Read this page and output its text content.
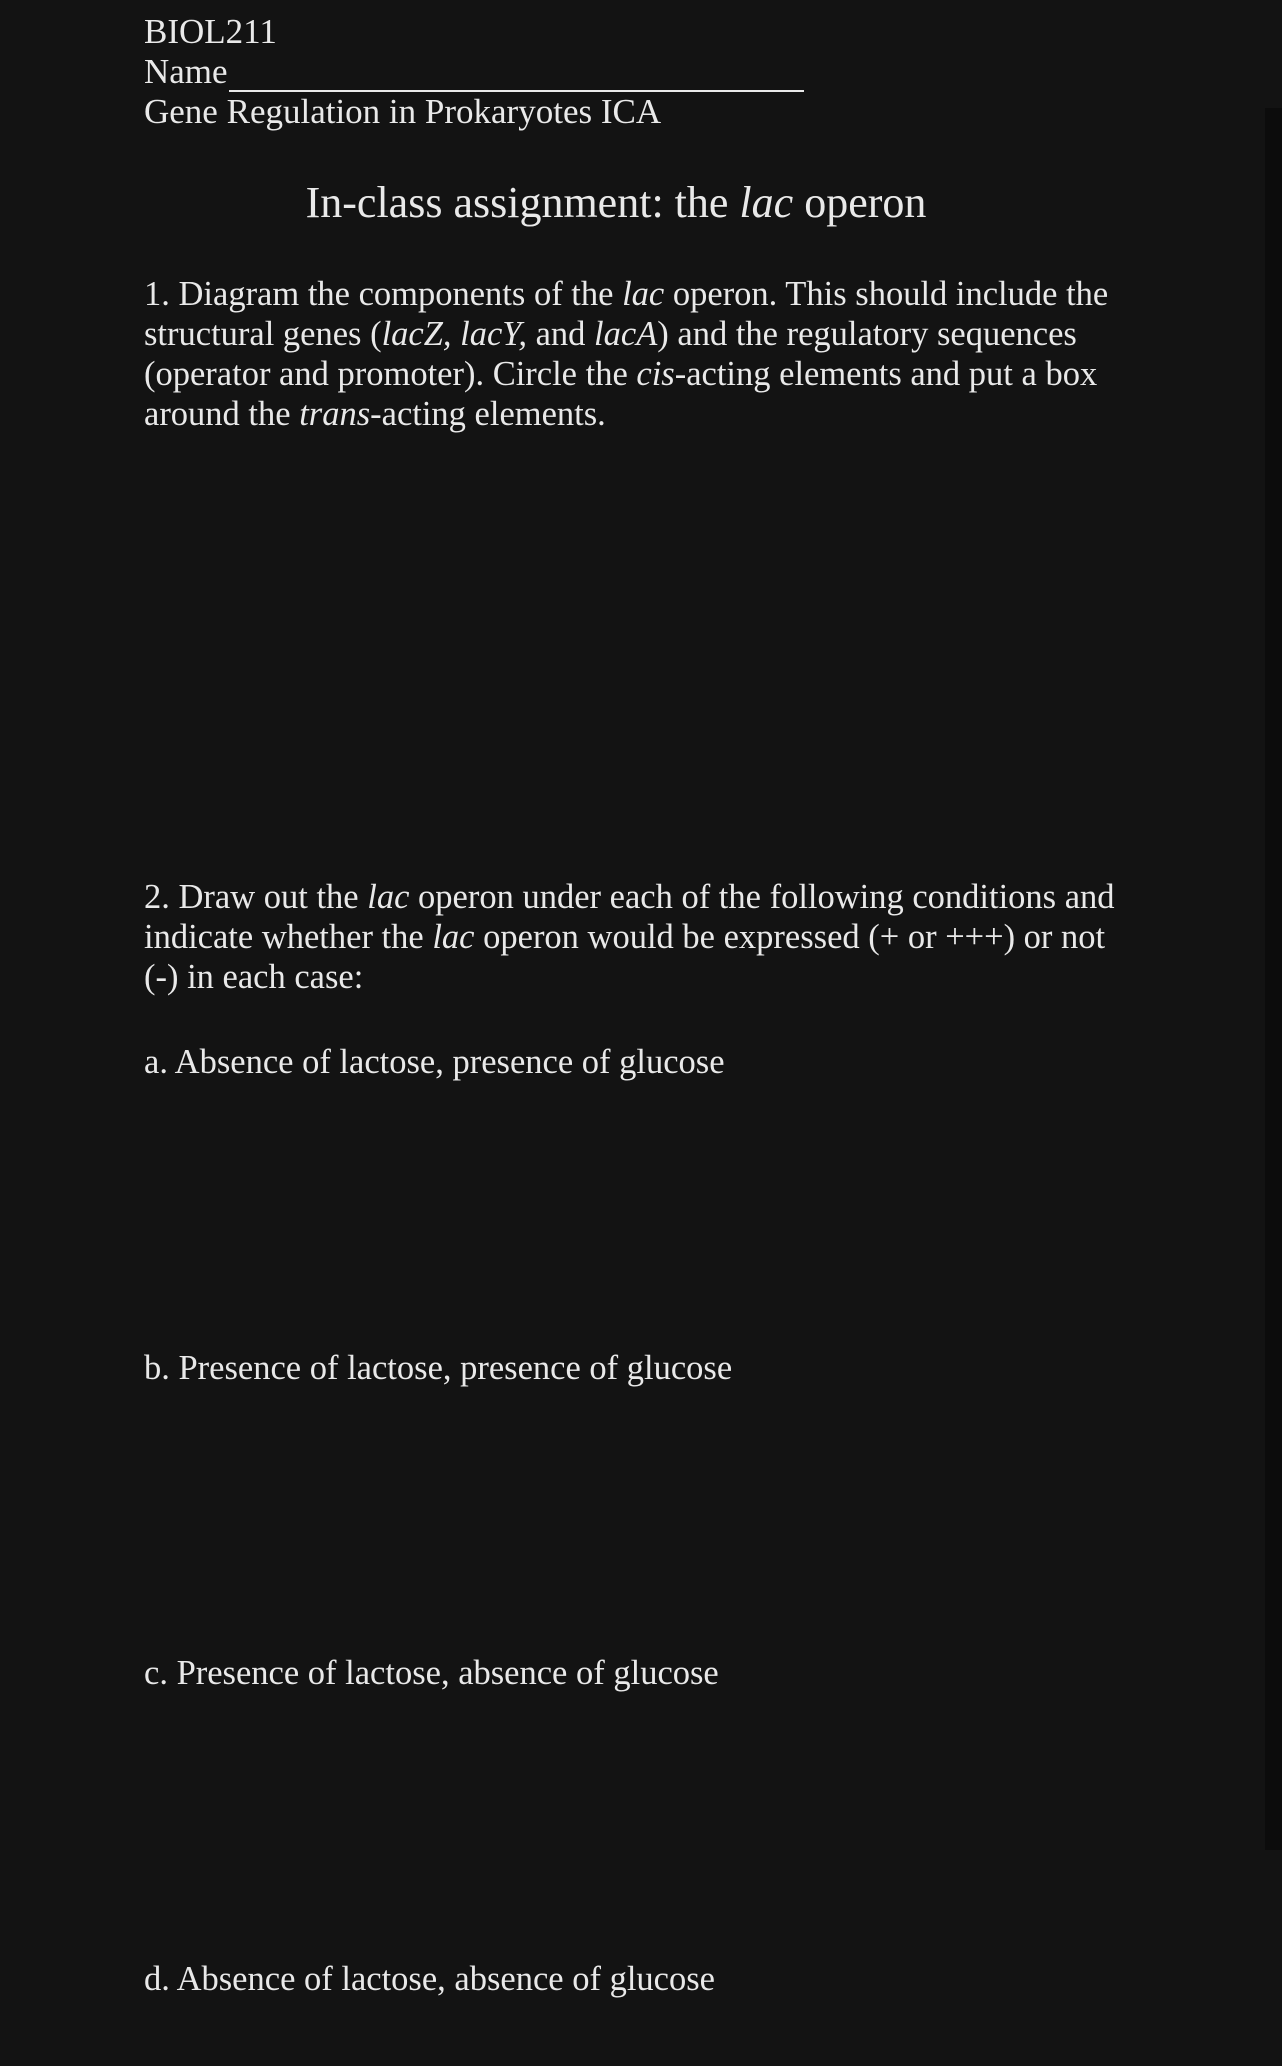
BIOL211
Name
Gene Regulation in Prokaryotes ICA
In-class assignment: the lac operon
1. Diagram the components of the lac operon. This should include the
structural genes (lacZ, lacY, and lacA) and the regulatory sequences
(operator and promoter). Circle the cis-acting elements and put a box
around the trans-acting elements.
2. Draw out the lac operon under each of the following conditions and
indicate whether the lac operon would be expressed (+ or +++) or not
(-) in each case:
a. Absence of lactose, presence of glucose
b. Presence of lactose, presence of glucose
c. Presence of lactose, absence of glucose
d. Absence of lactose, absence of glucose
